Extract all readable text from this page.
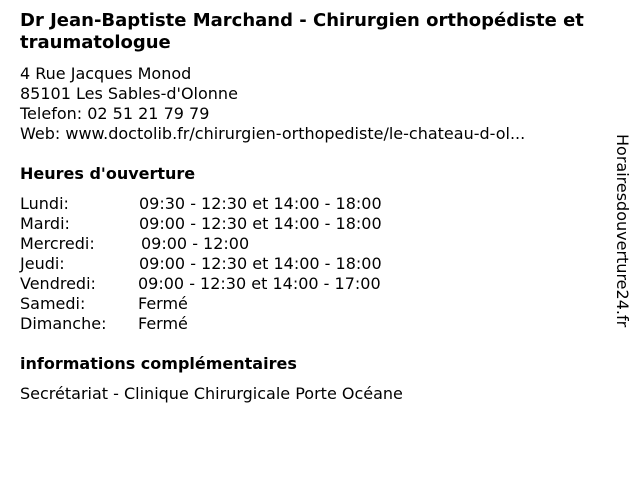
Dr Jean-Baptiste Marchand - Chirurgien orthopédiste et traumatologue
4 Rue Jacques Monod
85101 Les Sables-d'Olonne
Telefon: 02 51 21 79 79
Web: www.doctolib.fr/chirurgien-orthopediste/le-chateau-d-ol...
Heures d'ouverture
Lundi:	09:30 - 12:30 et 14:00 - 18:00
Mardi:	09:00 - 12:30 et 14:00 - 18:00
Mercredi:	09:00 - 12:00
Jeudi:	09:00 - 12:30 et 14:00 - 18:00
Vendredi:	09:00 - 12:30 et 14:00 - 17:00
Samedi:	Fermé
Dimanche:	Fermé
informations complémentaires
Secrétariat - Clinique Chirurgicale Porte Océane
Horairesdouverture24.fr
